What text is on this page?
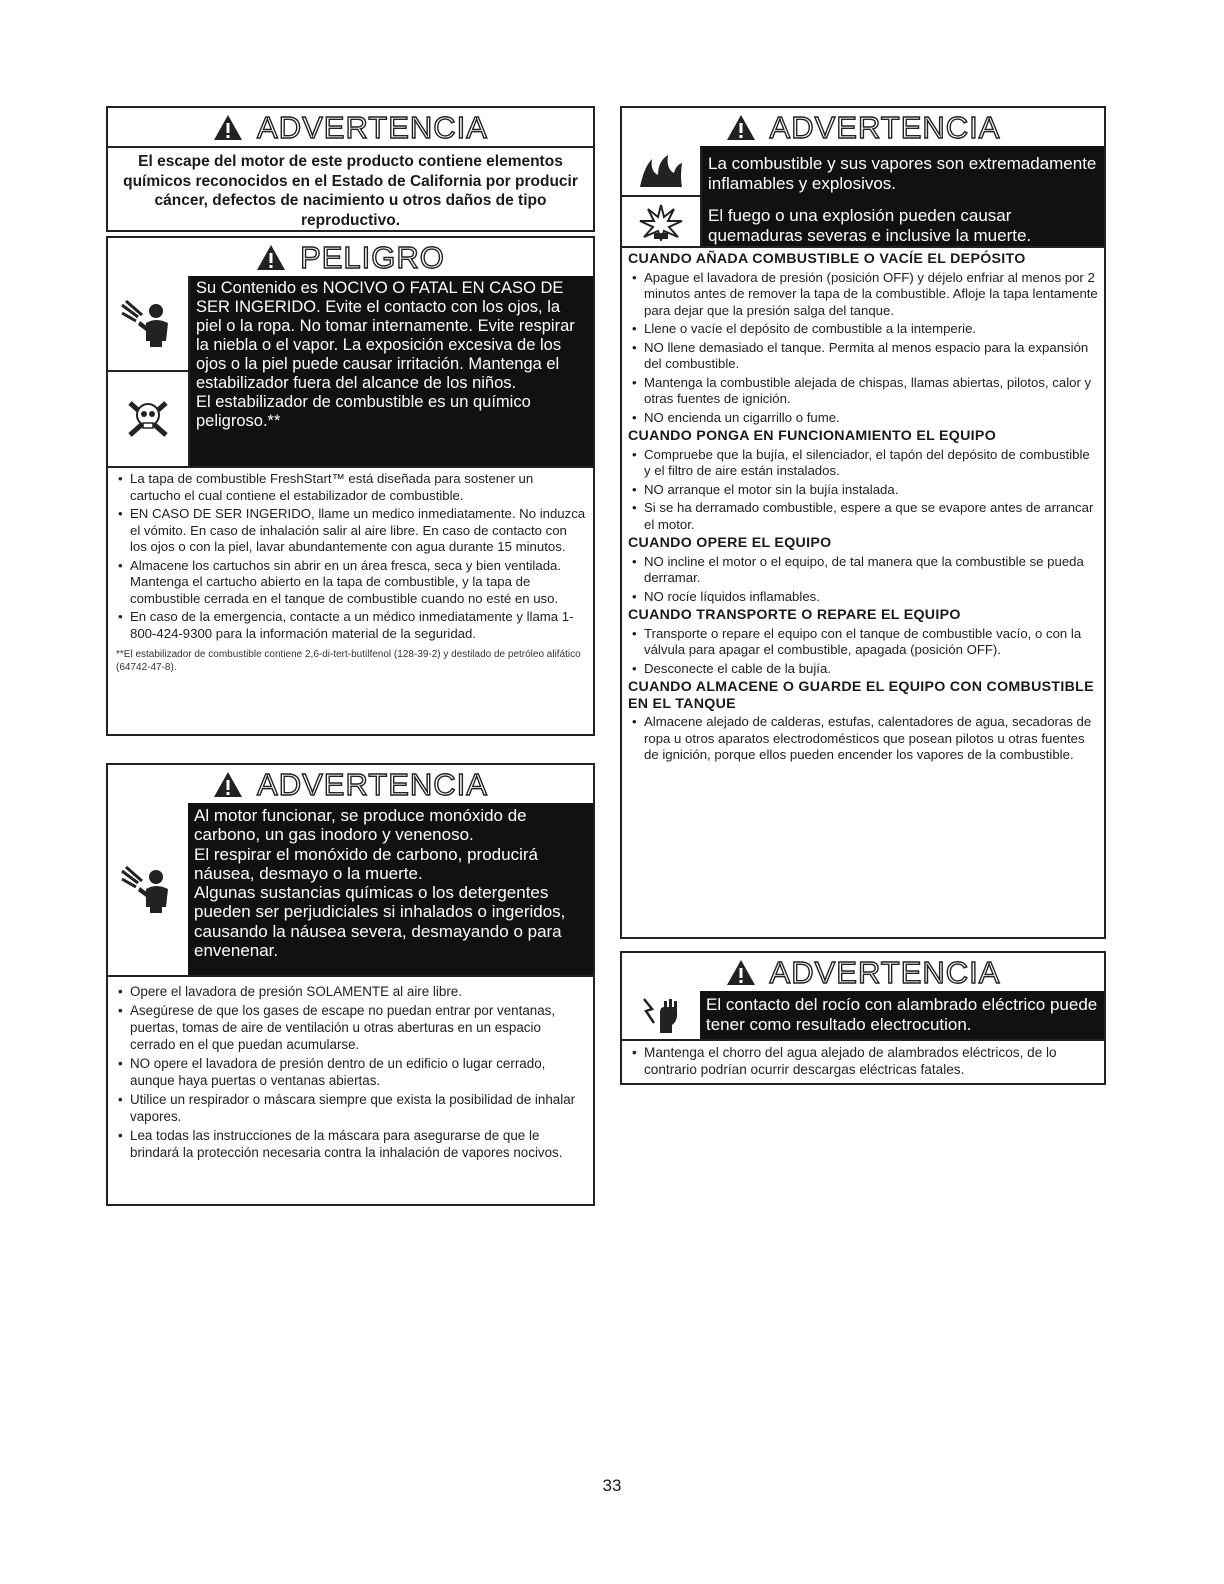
ADVERTENCIA
El escape del motor de este producto contiene elementos químicos reconocidos en el Estado de California por producir cáncer, defectos de nacimiento u otros daños de tipo reproductivo.
PELIGRO

Su Contenido es NOCIVO O FATAL EN CASO DE SER INGERIDO. Evite el contacto con los ojos, la piel o la ropa. No tomar internamente. Evite respirar la niebla o el vapor. La exposición excesiva de los ojos o la piel puede causar irritación. Mantenga el estabilizador fuera del alcance de los niños.

El estabilizador de combustible es un químico peligroso.**

• La tapa de combustible FreshStart™ está diseñada para sostener un cartucho el cual contiene el estabilizador de combustible.
• EN CASO DE SER INGERIDO, llame un medico inmediatamente. No induzca el vómito. En caso de inhalación salir al aire libre. En caso de contacto con los ojos o con la piel, lavar abundantemente con agua durante 15 minutos.
• Almacene los cartuchos sin abrir en un área fresca, seca y bien ventilada. Mantenga el cartucho abierto en la tapa de combustible, y la tapa de combustible cerrada en el tanque de combustible cuando no esté en uso.
• En caso de la emergencia, contacte a un médico inmediatamente y llama 1-800-424-9300 para la información material de la seguridad.
**El estabilizador de combustible contiene 2,6-di-tert-butilfenol (128-39-2) y destilado de petróleo alifático (64742-47-8).
ADVERTENCIA

Al motor funcionar, se produce monóxido de carbono, un gas inodoro y venenoso.

El respirar el monóxido de carbono, producirá náusea, desmayo o la muerte.

Algunas sustancias químicas o los detergentes pueden ser perjudiciales si inhalados o ingeridos, causando la náusea severa, desmayando o para envenenar.

• Opere el lavadora de presión SOLAMENTE al aire libre.
• Asegúrese de que los gases de escape no puedan entrar por ventanas, puertas, tomas de aire de ventilación u otras aberturas en un espacio cerrado en el que puedan acumularse.
• NO opere el lavadora de presión dentro de un edificio o lugar cerrado, aunque haya puertas o ventanas abiertas.
• Utilice un respirador o máscara siempre que exista la posibilidad de inhalar vapores.
• Lea todas las instrucciones de la máscara para asegurarse de que le brindará la protección necesaria contra la inhalación de vapores nocivos.
ADVERTENCIA

La combustible y sus vapores son extremadamente inflamables y explosivos.

El fuego o una explosión pueden causar quemaduras severas e inclusive la muerte.

CUANDO AÑADA COMBUSTIBLE O VACÍE EL DEPÓSITO
• Apague el lavadora de presión (posición OFF) y déjelo enfriar al menos por 2 minutos antes de remover la tapa de la combustible. Afloje la tapa lentamente para dejar que la presión salga del tanque.
• Llene o vacíe el depósito de combustible a la intemperie.
• NO llene demasiado el tanque. Permita al menos espacio para la expansión del combustible.
• Mantenga la combustible alejada de chispas, llamas abiertas, pilotos, calor y otras fuentes de ignición.
• NO encienda un cigarrillo o fume.
CUANDO PONGA EN FUNCIONAMIENTO EL EQUIPO
• Compruebe que la bujía, el silenciador, el tapón del depósito de combustible y el filtro de aire están instalados.
• NO arranque el motor sin la bujía instalada.
• Si se ha derramado combustible, espere a que se evapore antes de arrancar el motor.
CUANDO OPERE EL EQUIPO
• NO incline el motor o el equipo, de tal manera que la combustible se pueda derramar.
• NO rocíe líquidos inflamables.
CUANDO TRANSPORTE O REPARE EL EQUIPO
• Transporte o repare el equipo con el tanque de combustible vacío, o con la válvula para apagar el combustible, apagada (posición OFF).
• Desconecte el cable de la bujía.
CUANDO ALMACENE O GUARDE EL EQUIPO CON COMBUSTIBLE EN EL TANQUE
• Almacene alejado de calderas, estufas, calentadores de agua, secadoras de ropa u otros aparatos electrodomésticos que posean pilotos u otras fuentes de ignición, porque ellos pueden encender los vapores de la combustible.
ADVERTENCIA

El contacto del rocío con alambrado eléctrico puede tener como resultado electrocution.

• Mantenga el chorro del agua alejado de alambrados eléctricos, de lo contrario podrían ocurrir descargas eléctricas fatales.
33
